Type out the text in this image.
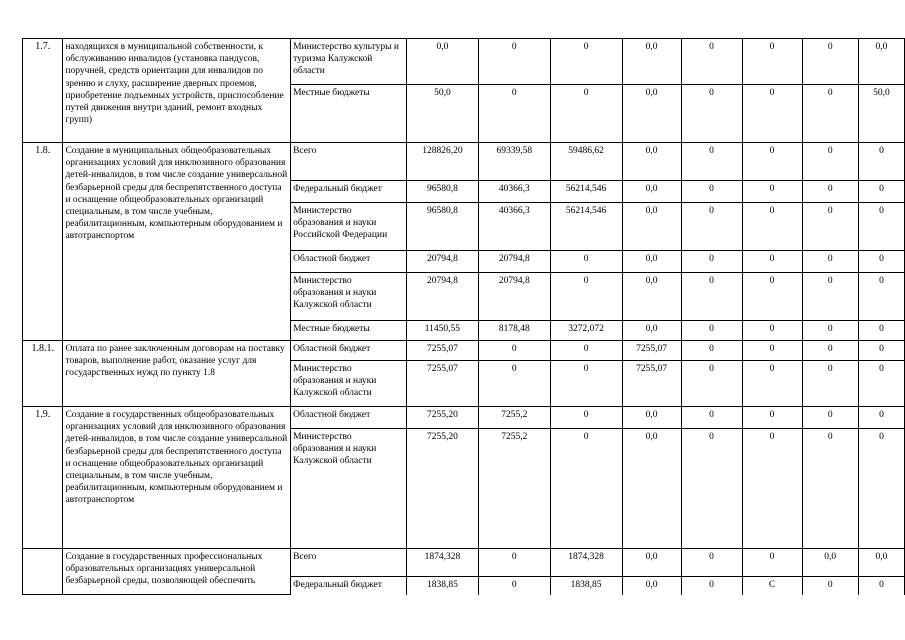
1.7.	находящихся в муниципальной собственности, к обслуживанию инвалидов (установка пандусов, поручней, средств ориентации для инвалидов по зрению и слуху, расширение дверных проемов, приобретение подъемных устройств, приспособление путей движения внутри зданий, ремонт входных групп)	Министерство культуры и туризма Калужской области	0,0	0	0	0,0	0	0	0	0,0
		Местные бюджеты	50,0	0	0	0,0	0	0	0	50,0
1.8.	Создание в муниципальных общеобразовательных организациях условий для инклюзивного образования детей-инвалидов, в том числе создание универсальной безбарьерной среды для беспрепятственного доступа и оснащение общеобразовательных организаций специальным, в том числе учебным, реабилитационным, компьютерным оборудованием и автотранспортом	Всего	128826,20	69339,58	59486,62	0,0	0	0	0	0
		Федеральный бюджет	96580,8	40366,3	56214,546	0,0	0	0	0	0
		Министерство образования и науки Российской Федерации	96580,8	40366,3	56214,546	0,0	0	0	0	0
		Областной бюджет	20794,8	20794,8	0	0,0	0	0	0	0
		Министерство образования и науки Калужской области	20794,8	20794,8	0	0,0	0	0	0	0
		Местные бюджеты	11450,55	8178,48	3272,072	0,0	0	0	0	0
1.8.1.	Оплата по ранее заключенным договорам на поставку товаров, выполнение работ, оказание услуг для государственных нужд по пункту 1.8	Областной бюджет	7255,07	0	0	7255,07	0	0	0	0
		Министерство образования и науки Калужской области	7255,07	0	0	7255,07	0	0	0	0
1.9.	Создание в государственных общеобразовательных организациях условий для инклюзивного образования детей-инвалидов, в том числе создание универсальной безбарьерной среды для беспрепятственного доступа и оснащение общеобразовательных организаций специальным, в том числе учебным, реабилитационным, компьютерным оборудованием и автотранспортом	Областной бюджет	7255,20	7255,2	0	0,0	0	0	0	0
		Министерство образования и науки Калужской области	7255,20	7255,2	0	0,0	0	0	0	0
	Создание в государственных профессиональных образовательных организациях универсальной безбарьерной среды, позволяющей обеспечить	Всего	1874,328	0	1874,328	0,0	0	0	0,0	0,0
		Федеральный бюджет	1838,85	0	1838,85	0,0	0	С	0	0
